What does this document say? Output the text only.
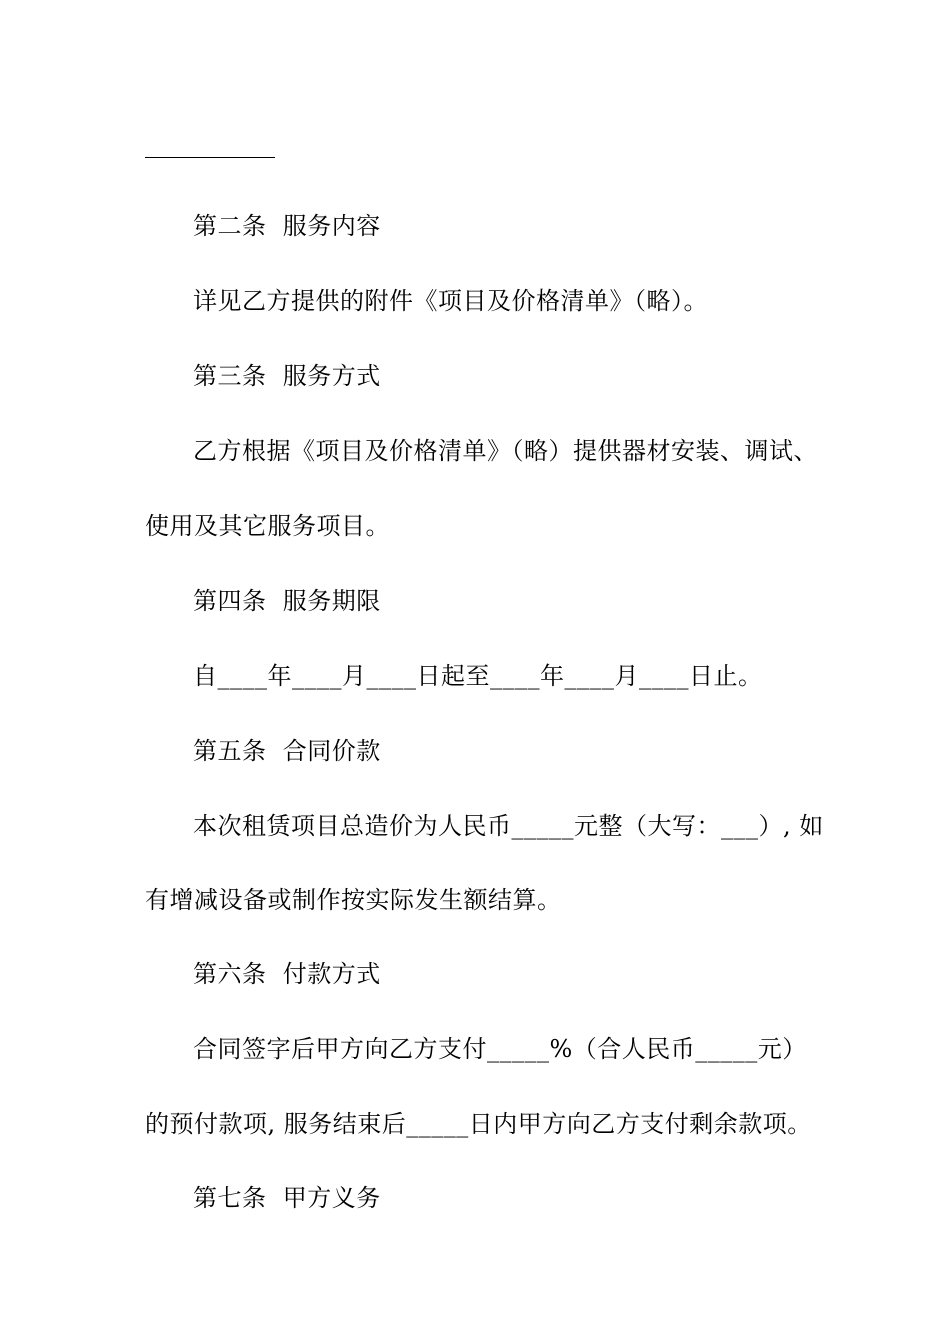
第二条  服务内容
详见乙方提供的附件《项目及价格清单》（略）。
第三条  服务方式
乙方根据《项目及价格清单》（略）提供器材安装、调试、
使用及其它服务项目。
第四条  服务期限
自____年____月____日起至____年____月____日止。
第五条  合同价款
本次租赁项目总造价为人民币_____元整（大写：___）, 如
有增减设备或制作按实际发生额结算。
第六条  付款方式
合同签字后甲方向乙方支付_____%（合人民币_____元）
的预付款项, 服务结束后_____日内甲方向乙方支付剩余款项。
第七条  甲方义务
